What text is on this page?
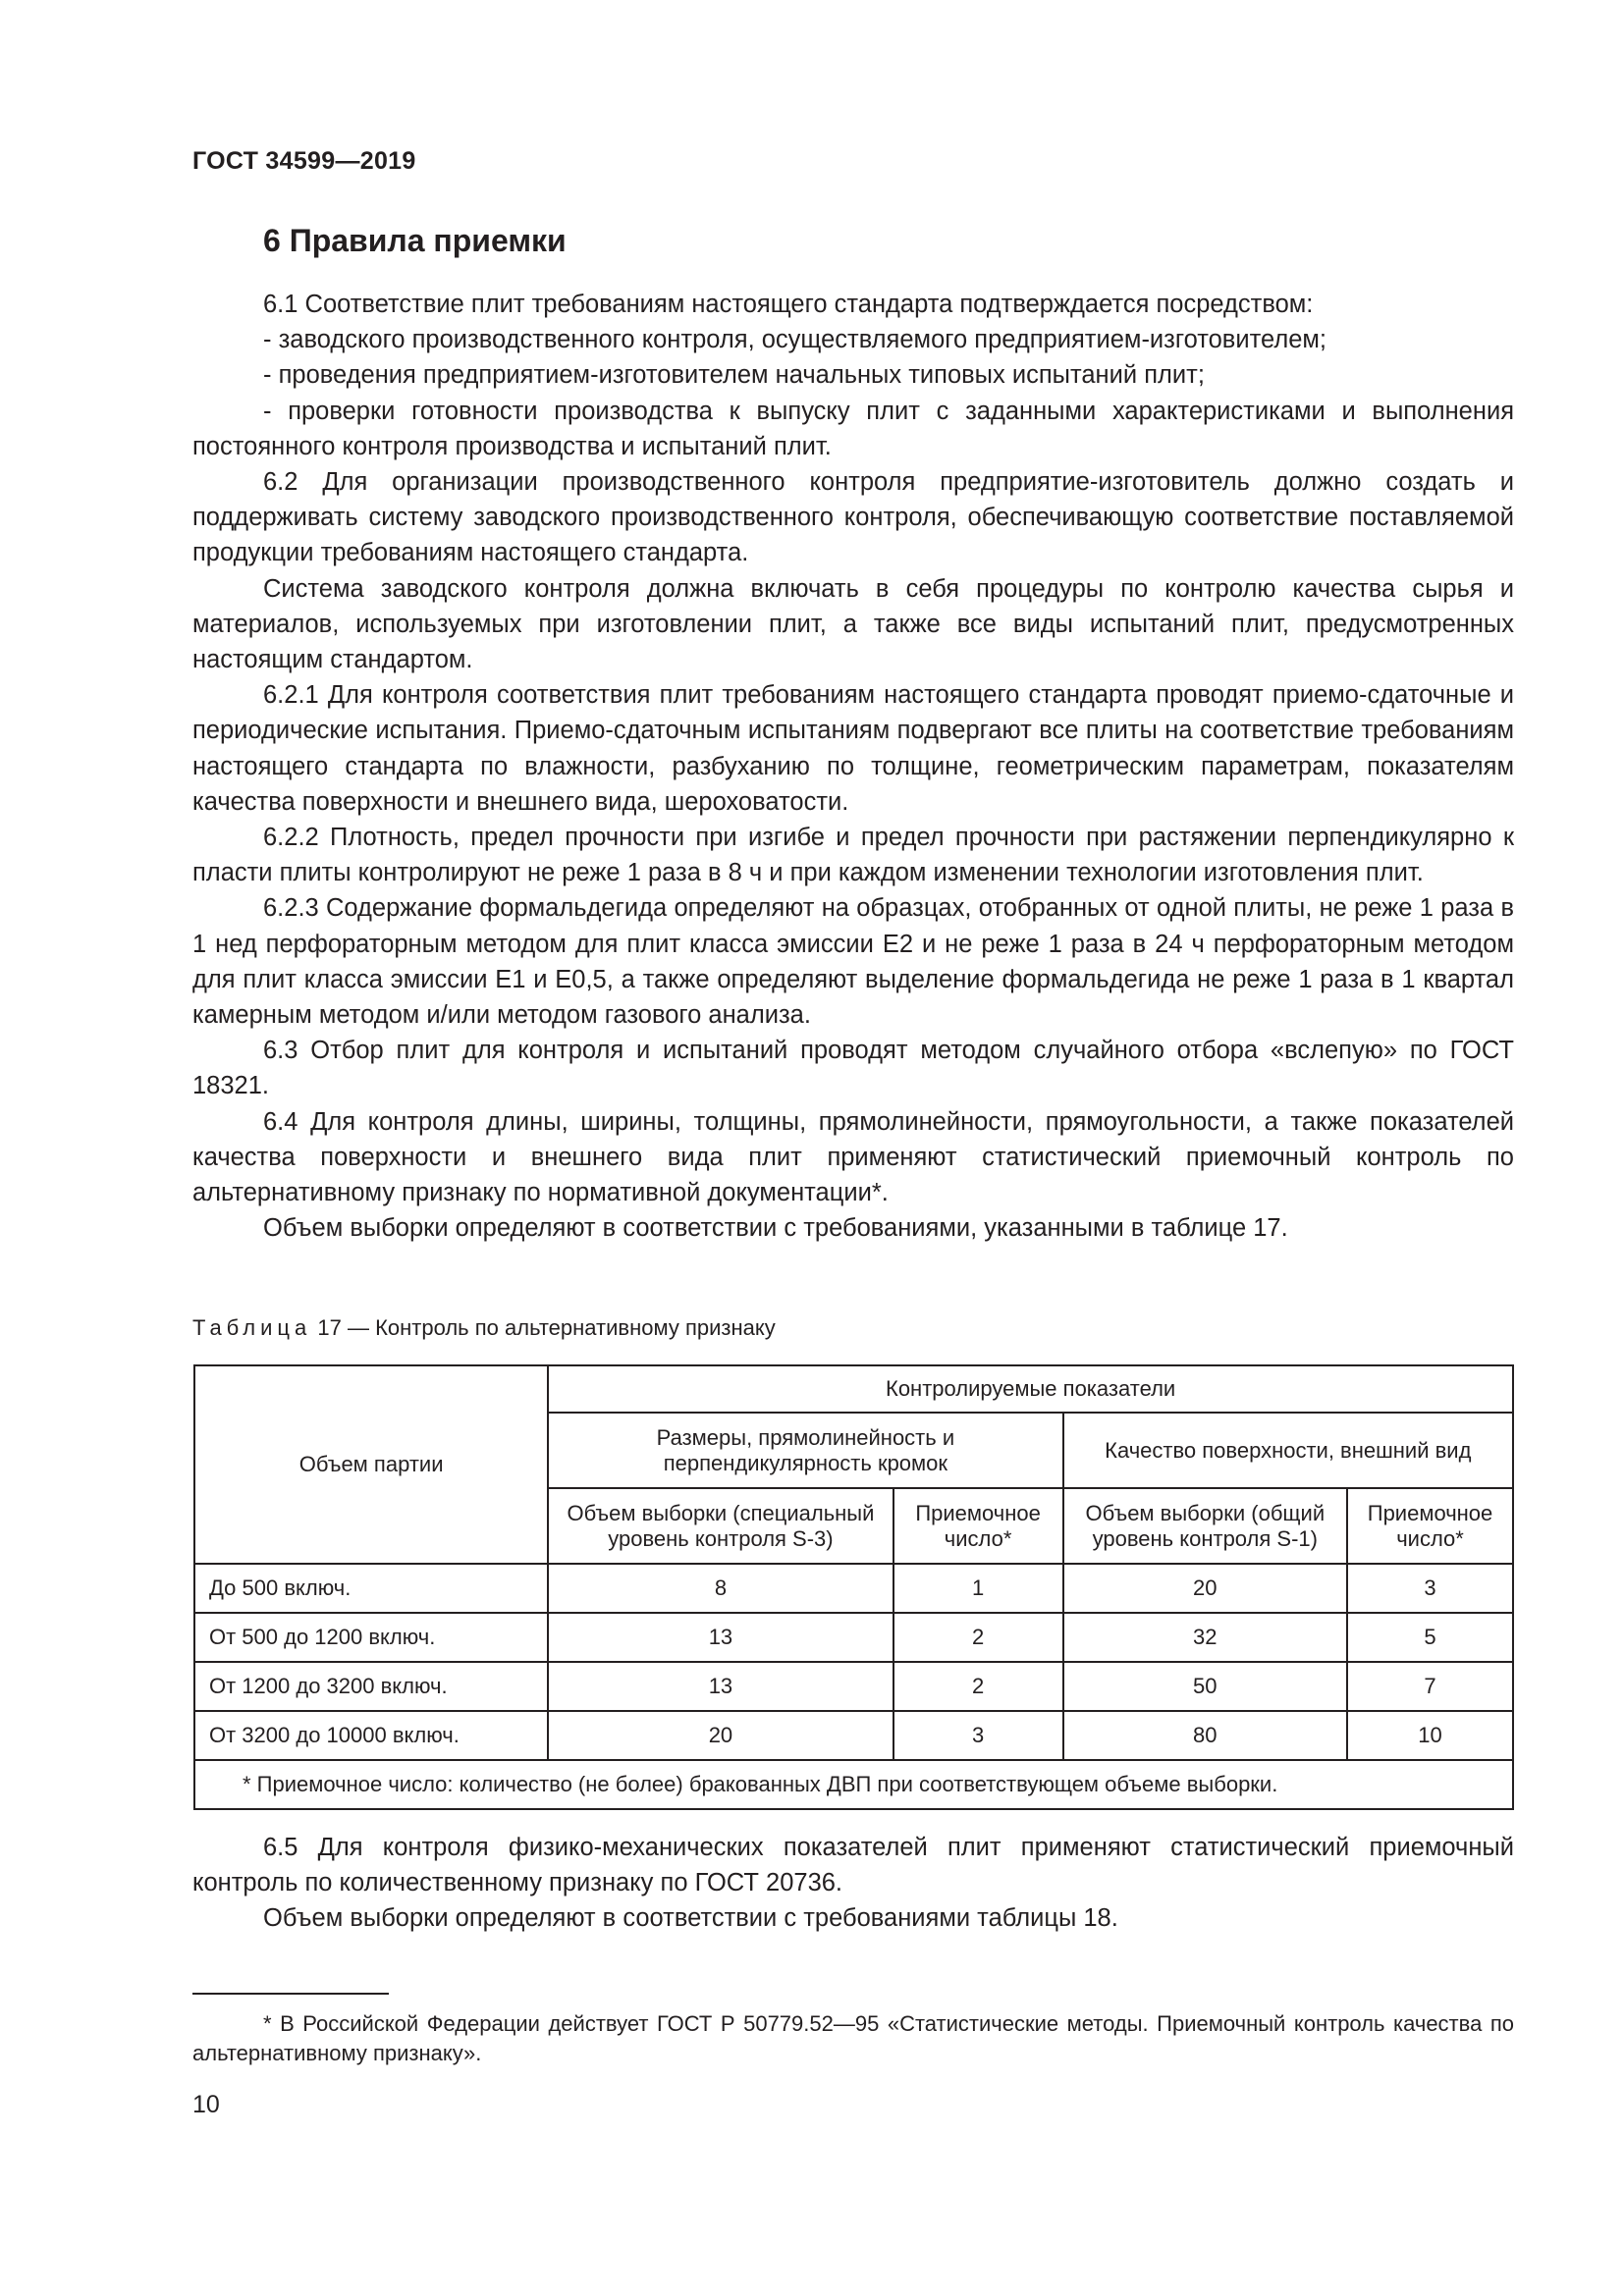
ГОСТ 34599—2019
6 Правила приемки

6.1 Соответствие плит требованиям настоящего стандарта подтверждается посредством:

- заводского производственного контроля, осуществляемого предприятием-изготовителем;

- проведения предприятием-изготовителем начальных типовых испытаний плит;

- проверки готовности производства к выпуску плит с заданными характеристиками и выполнения постоянного контроля производства и испытаний плит.

6.2 Для организации производственного контроля предприятие-изготовитель должно создать и поддерживать систему заводского производственного контроля, обеспечивающую соответствие поставляемой продукции требованиям настоящего стандарта.

Система заводского контроля должна включать в себя процедуры по контролю качества сырья и материалов, используемых при изготовлении плит, а также все виды испытаний плит, предусмотренных настоящим стандартом.

6.2.1 Для контроля соответствия плит требованиям настоящего стандарта проводят приемо-сдаточные и периодические испытания. Приемо-сдаточным испытаниям подвергают все плиты на соответствие требованиям настоящего стандарта по влажности, разбуханию по толщине, геометрическим параметрам, показателям качества поверхности и внешнего вида, шероховатости.

6.2.2 Плотность, предел прочности при изгибе и предел прочности при растяжении перпендикулярно к пласти плиты контролируют не реже 1 раза в 8 ч и при каждом изменении технологии изготовления плит.

6.2.3 Содержание формальдегида определяют на образцах, отобранных от одной плиты, не реже 1 раза в 1 нед перфораторным методом для плит класса эмиссии Е2 и не реже 1 раза в 24 ч перфораторным методом для плит класса эмиссии Е1 и Е0,5, а также определяют выделение формальдегида не реже 1 раза в 1 квартал камерным методом и/или методом газового анализа.

6.3 Отбор плит для контроля и испытаний проводят методом случайного отбора «вслепую» по ГОСТ 18321.

6.4 Для контроля длины, ширины, толщины, прямолинейности, прямоугольности, а также показателей качества поверхности и внешнего вида плит применяют статистический приемочный контроль по альтернативному признаку по нормативной документации*.

Объем выборки определяют в соответствии с требованиями, указанными в таблице 17.

Таблица 17 — Контроль по альтернативному признаку
Объем партии	Контролируемые показатели			
	Размеры, прямолинейность и перпендикулярность кромок		Качество поверхности, внешний вид	
	Объем выборки (специальный уровень контроля S-3)	Приемочное число*	Объем выборки (общий уровень контроля S-1)	Приемочное число*
До 500 включ.	8	1	20	3
От 500 до 1200 включ.	13	2	32	5
От 1200 до 3200 включ.	13	2	50	7
От 3200 до 10000 включ.	20	3	80	10
* Приемочное число: количество (не более) бракованных ДВП при соответствующем объеме выборки.				

6.5 Для контроля физико-механических показателей плит применяют статистический приемочный контроль по количественному признаку по ГОСТ 20736.

Объем выборки определяют в соответствии с требованиями таблицы 18.

* В Российской Федерации действует ГОСТ Р 50779.52—95 «Статистические методы. Приемочный контроль качества по альтернативному признаку».

10
